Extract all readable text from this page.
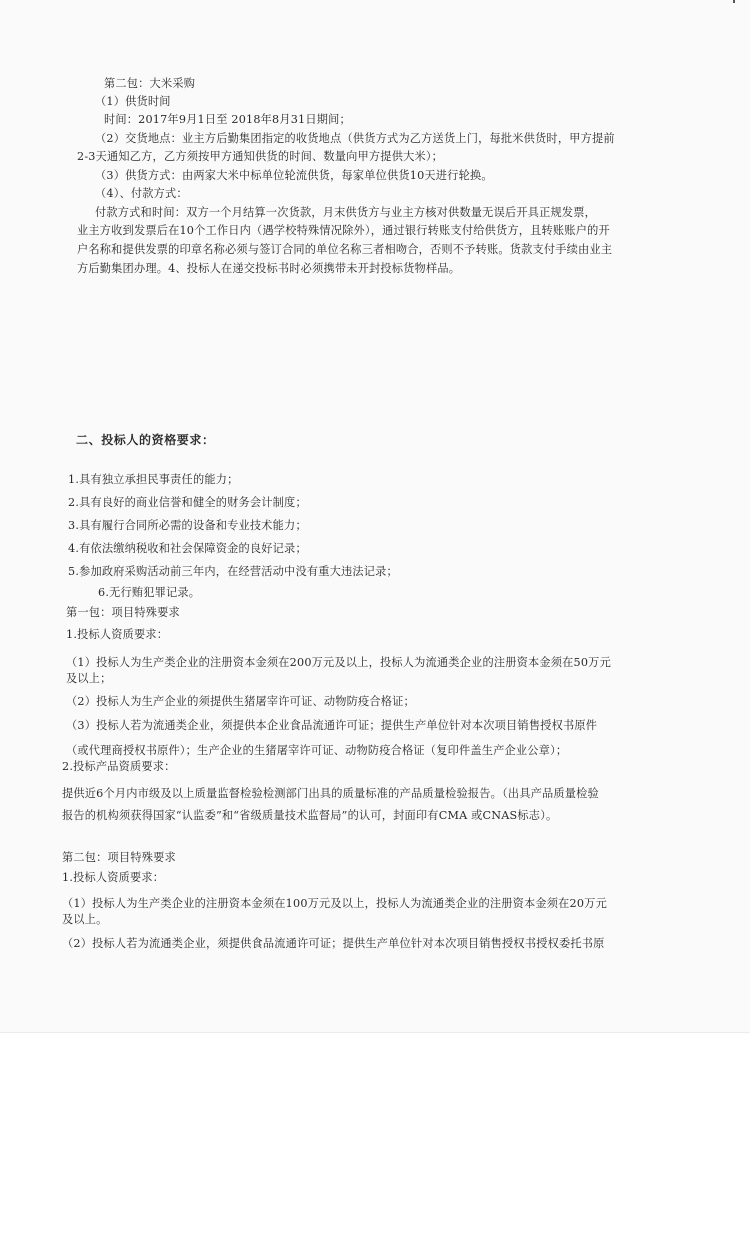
第二包：大米采购
（1）供货时间
时间：2017年9月1日至 2018年8月31日期间；
（2）交货地点：业主方后勤集团指定的收货地点（供货方式为乙方送货上门，每批米供货时，甲方提前
2-3天通知乙方，乙方须按甲方通知供货的时间、数量向甲方提供大米）；
（3）供货方式：由两家大米中标单位轮流供货，每家单位供货10天进行轮换。
（4）、付款方式：
付款方式和时间：双方一个月结算一次货款，月末供货方与业主方核对供数量无误后开具正规发票，
业主方收到发票后在10个工作日内（遇学校特殊情况除外），通过银行转账支付给供货方，且转账账户的开
户名称和提供发票的印章名称必须与签订合同的单位名称三者相吻合，否则不予转账。货款支付手续由业主
方后勤集团办理。4、投标人在递交投标书时必须携带未开封投标货物样品。
二、投标人的资格要求：
1.具有独立承担民事责任的能力；
2.具有良好的商业信誉和健全的财务会计制度；
3.具有履行合同所必需的设备和专业技术能力；
4.有依法缴纳税收和社会保障资金的良好记录；
5.参加政府采购活动前三年内，在经营活动中没有重大违法记录；
6.无行贿犯罪记录。
第一包：项目特殊要求
1.投标人资质要求：
（1）投标人为生产类企业的注册资本金须在200万元及以上，投标人为流通类企业的注册资本金须在50万元
及以上；
（2）投标人为生产企业的须提供生猪屠宰许可证、动物防疫合格证；
（3）投标人若为流通类企业，须提供本企业食品流通许可证；提供生产单位针对本次项目销售授权书原件
（或代理商授权书原件）；生产企业的生猪屠宰许可证、动物防疫合格证（复印件盖生产企业公章）；
2.投标产品资质要求：
提供近6个月内市级及以上质量监督检验检测部门出具的质量标准的产品质量检验报告。（出具产品质量检验
报告的机构须获得国家“认监委”和“省级质量技术监督局”的认可，封面印有CMA 或CNAS标志）。
第二包：项目特殊要求
1.投标人资质要求：
（1）投标人为生产类企业的注册资本金须在100万元及以上，投标人为流通类企业的注册资本金须在20万元
及以上。
（2）投标人若为流通类企业，须提供食品流通许可证；提供生产单位针对本次项目销售授权书授权委托书原
